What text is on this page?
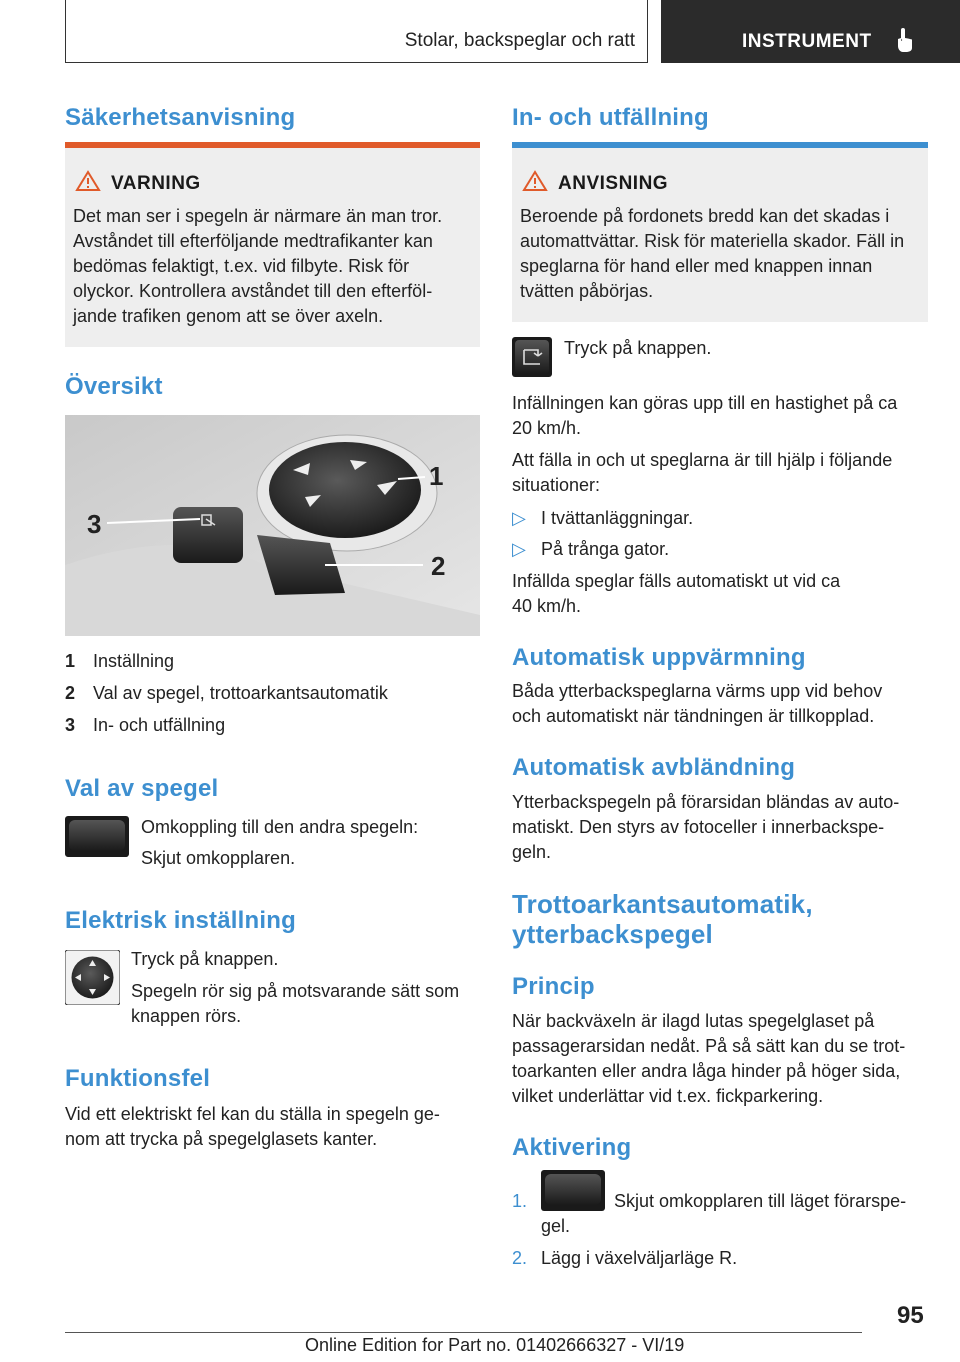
Stolar, backspeglar och ratt	INSTRUMENT
Säkerhetsanvisning
VARNING
Det man ser i spegeln är närmare än man tror.
Avståndet till efterföljande medtrafikanter kan
bedömas felaktigt, t.ex. vid filbyte. Risk för
olyckor. Kontrollera avståndet till den efterföl-
jande trafiken genom att se över axeln.
Översikt
1
2
3
1 Inställning
2 Val av spegel, trottoarkantsautomatik
3 In- och utfällning
Val av spegel
Omkoppling till den andra spegeln:
Skjut omkopplaren.
Elektrisk inställning
Tryck på knappen.
Spegeln rör sig på motsvarande sätt som
knappen rörs.
Funktionsfel
Vid ett elektriskt fel kan du ställa in spegeln ge-
nom att trycka på spegelglasets kanter.
In- och utfällning
ANVISNING
Beroende på fordonets bredd kan det skadas i
automattvättar. Risk för materiella skador. Fäll in
speglarna för hand eller med knappen innan
tvätten påbörjas.
Tryck på knappen.
Infällningen kan göras upp till en hastighet på ca
20 km/h.
Att fälla in och ut speglarna är till hjälp i följande
situationer:
▷ I tvättanläggningar.
▷ På trånga gator.
Infällda speglar fälls automatiskt ut vid ca
40 km/h.
Automatisk uppvärmning
Båda ytterbackspeglarna värms upp vid behov
och automatiskt när tändningen är tillkopplad.
Automatisk avbländning
Ytterbackspegeln på förarsidan bländas av auto-
matiskt. Den styrs av fotoceller i innerbackspe-
geln.
Trottoarkantsautomatik,
ytterbackspegel
Princip
När backväxeln är ilagd lutas spegelglaset på
passagerarsidan nedåt. På så sätt kan du se trot-
toarkanten eller andra låga hinder på höger sida,
vilket underlättar vid t.ex. fickparkering.
Aktivering
1.	Skjut omkopplaren till läget förarspe-
gel.
2. Lägg i växelväljarläge R.
95
Online Edition for Part no. 01402666327 - VI/19
